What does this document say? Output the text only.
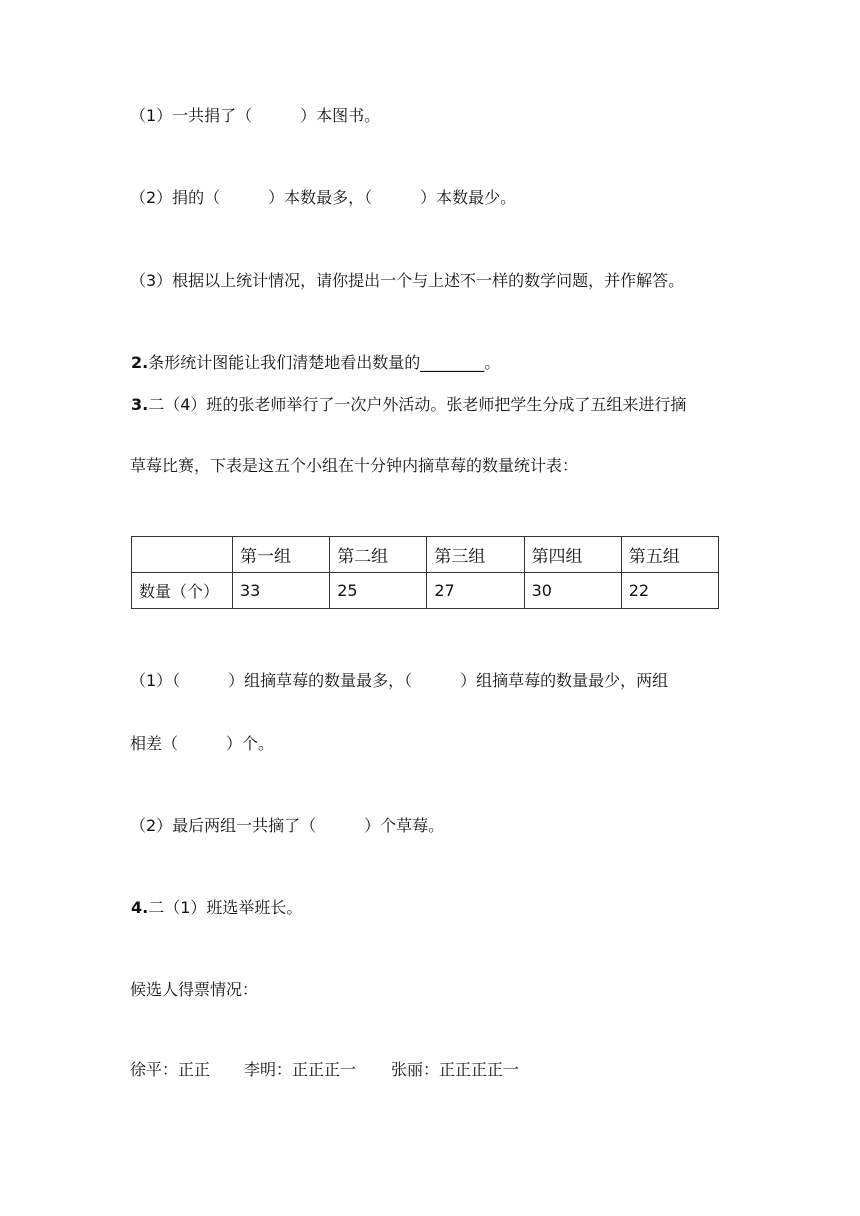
（1）一共捐了（　　　）本图书。
（2）捐的（　　　）本数最多，（　　　）本数最少。
（3）根据以上统计情况，请你提出一个与上述不一样的数学问题，并作解答。
2.条形统计图能让我们清楚地看出数量的________。
3.二（4）班的张老师举行了一次户外活动。张老师把学生分成了五组来进行摘
草莓比赛，下表是这五个小组在十分钟内摘草莓的数量统计表：
	第一组	第二组	第三组	第四组	第五组
数量（个）	33	25	27	30	22
（1）（　　　）组摘草莓的数量最多，（　　　）组摘草莓的数量最少，两组
相差（　　　）个。
（2）最后两组一共摘了（　　　）个草莓。
4.二（1）班选举班长。
候选人得票情况：
徐平：正正 李明：正正正一 张丽：正正正正一
